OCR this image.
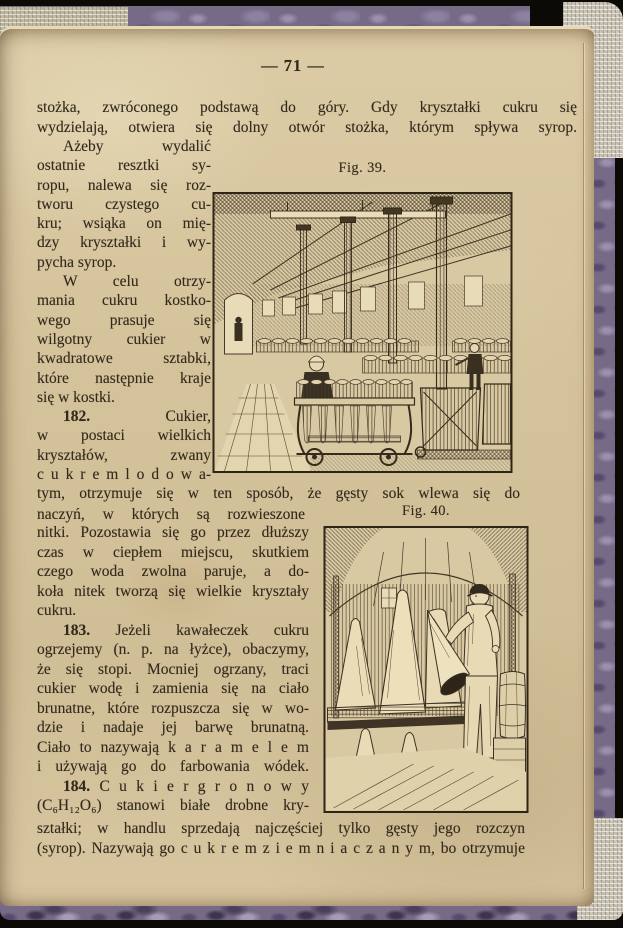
— 71 —
stożka, zwróconego podstawą do góry. Gdy kryształki cukru się
wydzielają, otwiera się dolny otwór stożka, którym spływa syrop.
Ażeby wydalić
ostatnie resztki sy-
ropu, nalewa się roz-
tworu czystego cu-
kru; wsiąka on mię-
dzy kryształki i wy-
pycha syrop.
W celu otrzy-
mania cukru kostko-
wego prasuje się
wilgotny cukier w
kwadratowe sztabki,
które następnie kraje
się w kostki.
182. Cukier,
w postaci wielkich
kryształów, zwany
c u k r e m l o d o w a-
Fig. 39.
tym, otrzymuje się w ten sposób, że gęsty sok wlewa się do
naczyń, w których są rozwieszone	Fig. 40.
nitki. Pozostawia się go przez dłuższy
czas w ciepłem miejscu, skutkiem
czego woda zwolna paruje, a do-
koła nitek tworzą się wielkie kryształy
cukru.
183. Jeżeli kawałeczek cukru
ogrzejemy (n. p. na łyżce), obaczymy,
że się stopi. Mocniej ogrzany, traci
cukier wodę i zamienia się na ciało
brunatne, które rozpuszcza się w wo-
dzie i nadaje jej barwę brunatną.
Ciało to nazywają k a r a m e l e m
i używają go do farbowania wódek.
184. C u k i e r g r o n o w y
(C₆H₁₂O₆) stanowi białe drobne kry-
ształki; w handlu sprzedają najczęściej tylko gęsty jego rozczyn
(syrop). Nazywają go c u k r e m z i e m n i a c z a n y m, bo otrzymuje
